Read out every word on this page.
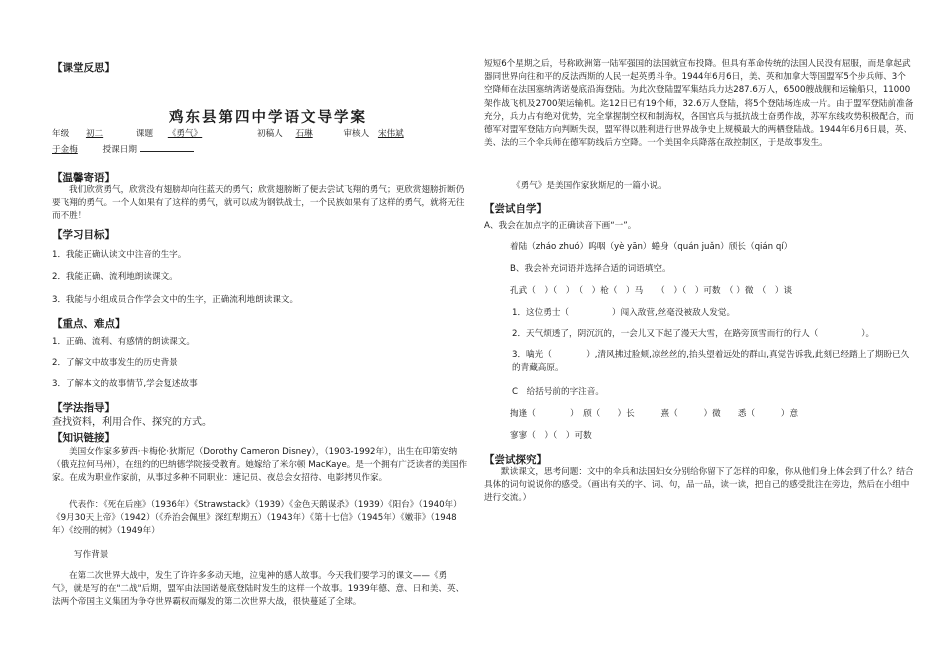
【课堂反思】
鸡东县第四中学语文导学案
年级 初二	课题 《勇气》	初稿人 石琳	审核人 宋伟斌
于金梅	授课日期
【温馨寄语】
我们欣赏勇气，欣赏没有翅膀却向往蓝天的勇气；欣赏翅膀断了便去尝试飞翔的勇气；更欣赏翅膀折断仍要飞翔的勇气。一个人如果有了这样的勇气，就可以成为钢铁战士，一个民族如果有了这样的勇气，就将无往而不胜！
【学习目标】
1．我能正确认读文中注音的生字。
2．我能正确、流利地朗读课文。
3．我能与小组成员合作学会文中的生字，正确流利地朗读课文。
【重点、难点】
1．正确、流利、有感情的朗读课文。
2．了解文中故事发生的历史背景
3．了解本文的故事情节,学会复述故事
【学法指导】
查找资料，利用合作、探究的方式。
【知识链接】
美国女作家多萝西·卡梅伦·狄斯尼（Dorothy Cameron Disney），（1903-1992年），出生在印第安纳（俄克拉何马州），在纽约的巴纳德学院接受教育。她嫁给了米尔顿 MacKaye。是一个拥有广泛读者的美国作家。在成为职业作家前，从事过多种不同职业：速记员、夜总会女招待、电影拷贝作家。
代表作：《死在后座》（1936年）《Strawstack》（1939）《金色天鹅谋杀》（1939）《阳台》（1940年）《9月30天上帝》（1942）（《乔治会佩里》深红犁期五）（1943年）《第十七信》（1945年）《嫩菲》（1948年）《绞刑的树》（1949年）
写作背景
在第二次世界大战中，发生了许许多多动天地，泣鬼神的感人故事。今天我们要学习的课文——《勇气》，就是写的在"二战"后期，盟军由法国诺曼底登陆时发生的这样一个故事。1939年德、意、日和美、英、法两个帝国主义集团为争夺世界霸权而爆发的第二次世界大战，很快蔓延了全球。
短短6个星期之后，号称欧洲第一陆军强国的法国就宣布投降。但具有革命传统的法国人民没有屈服，而是拿起武器同世界向往和平的反法西斯的人民一起英勇斗争。1944年6月6日，美、英和加拿大等国盟军5个步兵师、3个空降师在法国塞纳湾诺曼底沿海登陆。为此次登陆盟军集结兵力达287.6万人，6500艘战舰和运输船只，11000架作战飞机及2700架运输机。迄12日已有19个师，32.6万人登陆，将5个登陆场连成一片。由于盟军登陆前准备充分，兵力占有绝对优势，完全掌握制空权和制海权，各国官兵与抵抗战士奋勇作战，苏军东线攻势积极配合，而德军对盟军登陆方向判断失误，盟军得以胜利进行世界战争史上规模最大的两栖登陆战。1944年6月6日晨，英、美、法的三个伞兵师在德军防线后方空降。一个美国伞兵降落在敌控制区，于是故事发生。
《勇气》是美国作家狄斯尼的一篇小说。
【尝试自学】
A、我会在加点字的正确读音下画“一”。
着陆（zháo zhuó）呜咽（yè yān）蜷身（quán juǎn）颀长（qián qí）
B、我会补充词语并选择合适的词语填空。
孔武（　）（　）　（　）枪（　）马　　（　）（　）可数　（ ）微　（　）谈
1．这位勇士（　　　　　）闯入敌营,丝毫没被敌人发觉。
2．天气烦透了，阴沉沉的，一会儿又下起了漫天大雪，在路旁顶雪而行的行人（　　　　　）。
3．噙光（　　　　）,清风拂过脸颊,凉丝丝的,抬头望着远处的群山,真觉告诉我,此刻已经踏上了期盼已久的青藏高原。
C　给括号前的字注音。
掏逢（　　　　）　颀（　　）长　　　	熹（　　　）微　　 悉（　　　）意
寥寥（　）（　）可数
【尝试探究】
默读课文，思考问题：文中的伞兵和法国妇女分别给你留下了怎样的印象，你从他们身上体会到了什么？结合具体的词句说说你的感受。（画出有关的字、词、句，品一品，读一读，把自己的感受批注在旁边，然后在小组中进行交流。）
